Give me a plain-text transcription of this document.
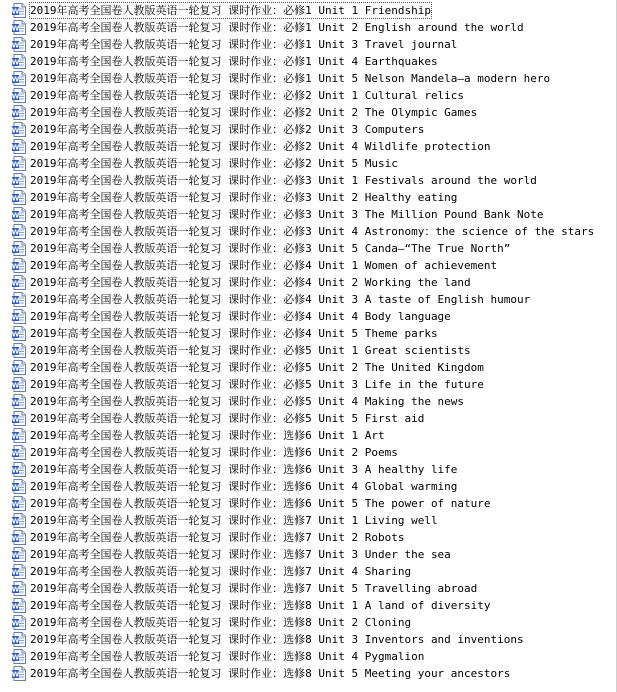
W 2019年高考全国卷人教版英语一轮复习 课时作业：必修1 Unit 1 Friendship
W 2019年高考全国卷人教版英语一轮复习 课时作业：必修1 Unit 2 English around the world
W 2019年高考全国卷人教版英语一轮复习 课时作业：必修1 Unit 3 Travel journal
W 2019年高考全国卷人教版英语一轮复习 课时作业：必修1 Unit 4 Earthquakes
W 2019年高考全国卷人教版英语一轮复习 课时作业：必修1 Unit 5 Nelson Mandela—a modern hero
W 2019年高考全国卷人教版英语一轮复习 课时作业：必修2 Unit 1 Cultural relics
W 2019年高考全国卷人教版英语一轮复习 课时作业：必修2 Unit 2 The Olympic Games
W 2019年高考全国卷人教版英语一轮复习 课时作业：必修2 Unit 3 Computers
W 2019年高考全国卷人教版英语一轮复习 课时作业：必修2 Unit 4 Wildlife protection
W 2019年高考全国卷人教版英语一轮复习 课时作业：必修2 Unit 5 Music
W 2019年高考全国卷人教版英语一轮复习 课时作业：必修3 Unit 1 Festivals around the world
W 2019年高考全国卷人教版英语一轮复习 课时作业：必修3 Unit 2 Healthy eating
W 2019年高考全国卷人教版英语一轮复习 课时作业：必修3 Unit 3 The Million Pound Bank Note
W 2019年高考全国卷人教版英语一轮复习 课时作业：必修3 Unit 4 Astronomy：the science of the stars
W 2019年高考全国卷人教版英语一轮复习 课时作业：必修3 Unit 5 Canda—“The True North”
W 2019年高考全国卷人教版英语一轮复习 课时作业：必修4 Unit 1 Women of achievement
W 2019年高考全国卷人教版英语一轮复习 课时作业：必修4 Unit 2 Working the land
W 2019年高考全国卷人教版英语一轮复习 课时作业：必修4 Unit 3 A taste of English humour
W 2019年高考全国卷人教版英语一轮复习 课时作业：必修4 Unit 4 Body language
W 2019年高考全国卷人教版英语一轮复习 课时作业：必修4 Unit 5 Theme parks
W 2019年高考全国卷人教版英语一轮复习 课时作业：必修5 Unit 1 Great scientists
W 2019年高考全国卷人教版英语一轮复习 课时作业：必修5 Unit 2 The United Kingdom
W 2019年高考全国卷人教版英语一轮复习 课时作业：必修5 Unit 3 Life in the future
W 2019年高考全国卷人教版英语一轮复习 课时作业：必修5 Unit 4 Making the news
W 2019年高考全国卷人教版英语一轮复习 课时作业：必修5 Unit 5 First aid
W 2019年高考全国卷人教版英语一轮复习 课时作业：选修6 Unit 1 Art
W 2019年高考全国卷人教版英语一轮复习 课时作业：选修6 Unit 2 Poems
W 2019年高考全国卷人教版英语一轮复习 课时作业：选修6 Unit 3 A healthy life
W 2019年高考全国卷人教版英语一轮复习 课时作业：选修6 Unit 4 Global warming
W 2019年高考全国卷人教版英语一轮复习 课时作业：选修6 Unit 5 The power of nature
W 2019年高考全国卷人教版英语一轮复习 课时作业：选修7 Unit 1 Living well
W 2019年高考全国卷人教版英语一轮复习 课时作业：选修7 Unit 2 Robots
W 2019年高考全国卷人教版英语一轮复习 课时作业：选修7 Unit 3 Under the sea
W 2019年高考全国卷人教版英语一轮复习 课时作业：选修7 Unit 4 Sharing
W 2019年高考全国卷人教版英语一轮复习 课时作业：选修7 Unit 5 Travelling abroad
W 2019年高考全国卷人教版英语一轮复习 课时作业：选修8 Unit 1 A land of diversity
W 2019年高考全国卷人教版英语一轮复习 课时作业：选修8 Unit 2 Cloning
W 2019年高考全国卷人教版英语一轮复习 课时作业：选修8 Unit 3 Inventors and inventions
W 2019年高考全国卷人教版英语一轮复习 课时作业：选修8 Unit 4 Pygmalion
W 2019年高考全国卷人教版英语一轮复习 课时作业：选修8 Unit 5 Meeting your ancestors
